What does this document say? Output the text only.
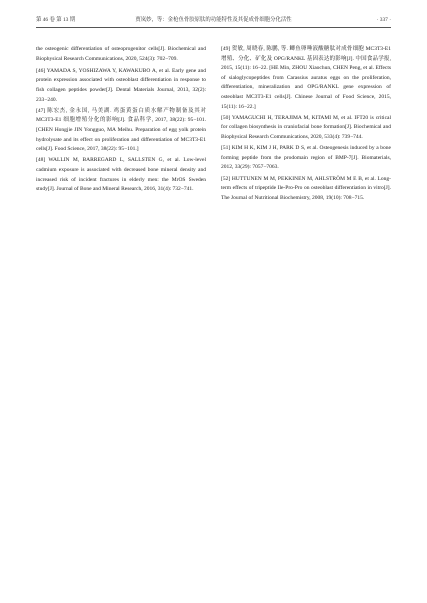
第 46 卷 第 13 期	贾岚妙，等：金枪鱼骨胶原肽的功能特性及其促成骨细胞分化活性	· 337 ·

the osteogenic differentiation of osteoprogenitor cells[J]. Biochemical and Biophysical Research Communications, 2020, 524(3): 702−709.

[46] YAMADA S, YOSHIZAWA Y, KAWAKUBO A, et al. Early gene and protein expression associated with osteoblast differentiation in response to fish collagen peptides powder[J]. Dental Materials Journal, 2013, 32(2): 233−240.

[47] 陈宏杰, 金永国, 马美湖. 鸡蛋黄蛋白质水解产物制备及其对 MC3T3-E1 细胞增殖分化的影响[J]. 食品科学, 2017, 38(22): 95−101. [CHEN Hongjie JIN Yongguo, MA Meihu. Preparation of egg yolk protein hydrolysate and its effect on proliferation and differentiation of MC3T3-E1 cells[J]. Food Science, 2017, 38(22): 95−101.]

[48] WALLIN M, BARREGARD L, SALLSTEN G, et al. Low-level cadmium exposure is associated with decreased bone mineral density and increased risk of incident fractures in elderly men: the MrOS Sweden study[J]. Journal of Bone and Mineral Research, 2016, 31(4): 732−741.

[49] 贺敏, 周晓春, 陈鹏, 等. 鲫鱼卵唾液酸糖肽对成骨细胞 MC3T3-E1 增殖、分化、矿化及 OPG/RANKL 基因表达的影响[J]. 中国食品学报, 2015, 15(11): 16−22. [HE Min, ZHOU Xiaochun, CHEN Peng, et al. Effects of sialoglycopeptides from Carassius auratus eggs on the proliferation, differentiation, mineralization and OPG/RANKL gene expression of osteoblast MC3T3-E1 cells[J]. Chinese Journal of Food Science, 2015, 15(11): 16−22.]

[50] YAMAGUCHI H, TERAJIMA M, KITAMI M, et al. IFT20 is critical for collagen biosynthesis in craniofacial bone formation[J]. Biochemical and Biophysical Research Communications, 2020, 533(4): 739−744.

[51] KIM H K, KIM J H, PARK D S, et al. Osteogenesis induced by a bone forming peptide from the prodomain region of BMP-7[J]. Biomaterials, 2012, 33(29): 7057−7063.

[52] HUTTUNEN M M, PEKKINEN M, AHLSTRÖM M E B, et al. Long-term effects of tripeptide Ile-Pro-Pro on osteoblast differentiation in vitro[J]. The Journal of Nutritional Biochemistry, 2008, 19(10): 708−715.
